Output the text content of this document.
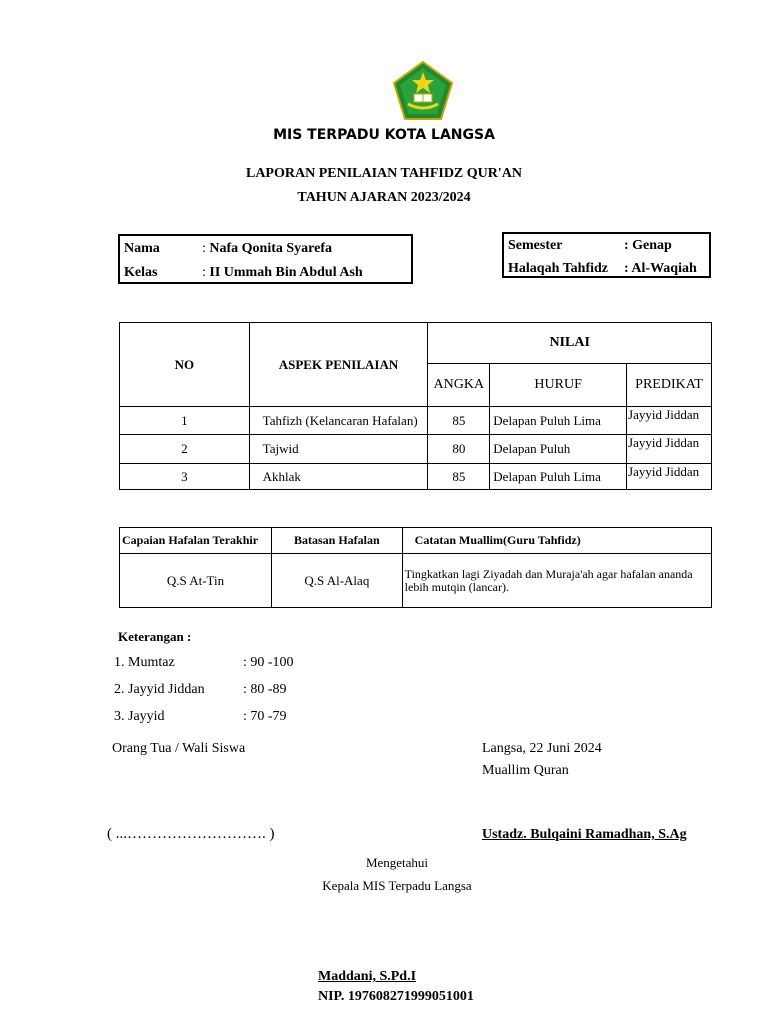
MIS TERPADU KOTA LANGSA
LAPORAN PENILAIAN TAHFIDZ QUR'AN
TAHUN AJARAN 2023/2024
Nama	: Nafa Qonita Syarefa
Kelas	: II Ummah Bin Abdul Ash
Semester	: Genap
Halaqah Tahfidz : Al-Waqiah
NO	ASPEK PENILAIAN	NILAI		
		ANGKA	HURUF	PREDIKAT
1	Tahfizh (Kelancaran Hafalan)	85	Delapan Puluh Lima	Jayyid Jiddan
2	Tajwid	80	Delapan Puluh	Jayyid Jiddan
3	Akhlak	85	Delapan Puluh Lima	Jayyid Jiddan
Capaian Hafalan Terakhir	Batasan Hafalan	Catatan Muallim(Guru Tahfidz)
Q.S At-Tin	Q.S Al-Alaq	Tingkatkan lagi Ziyadah dan Muraja'ah agar hafalan ananda lebih mutqin (lancar).
Keterangan :
1. Mumtaz	: 90 -100
2. Jayyid Jiddan	: 80 -89
3. Jayyid	: 70 -79
Orang Tua / Wali Siswa	Langsa, 22 Juni 2024
Muallim Quran
( ...………………………. )	Ustadz. Bulqaini Ramadhan, S.Ag
Mengetahui
Kepala MIS Terpadu Langsa
Maddani, S.Pd.I
NIP. 197608271999051001
